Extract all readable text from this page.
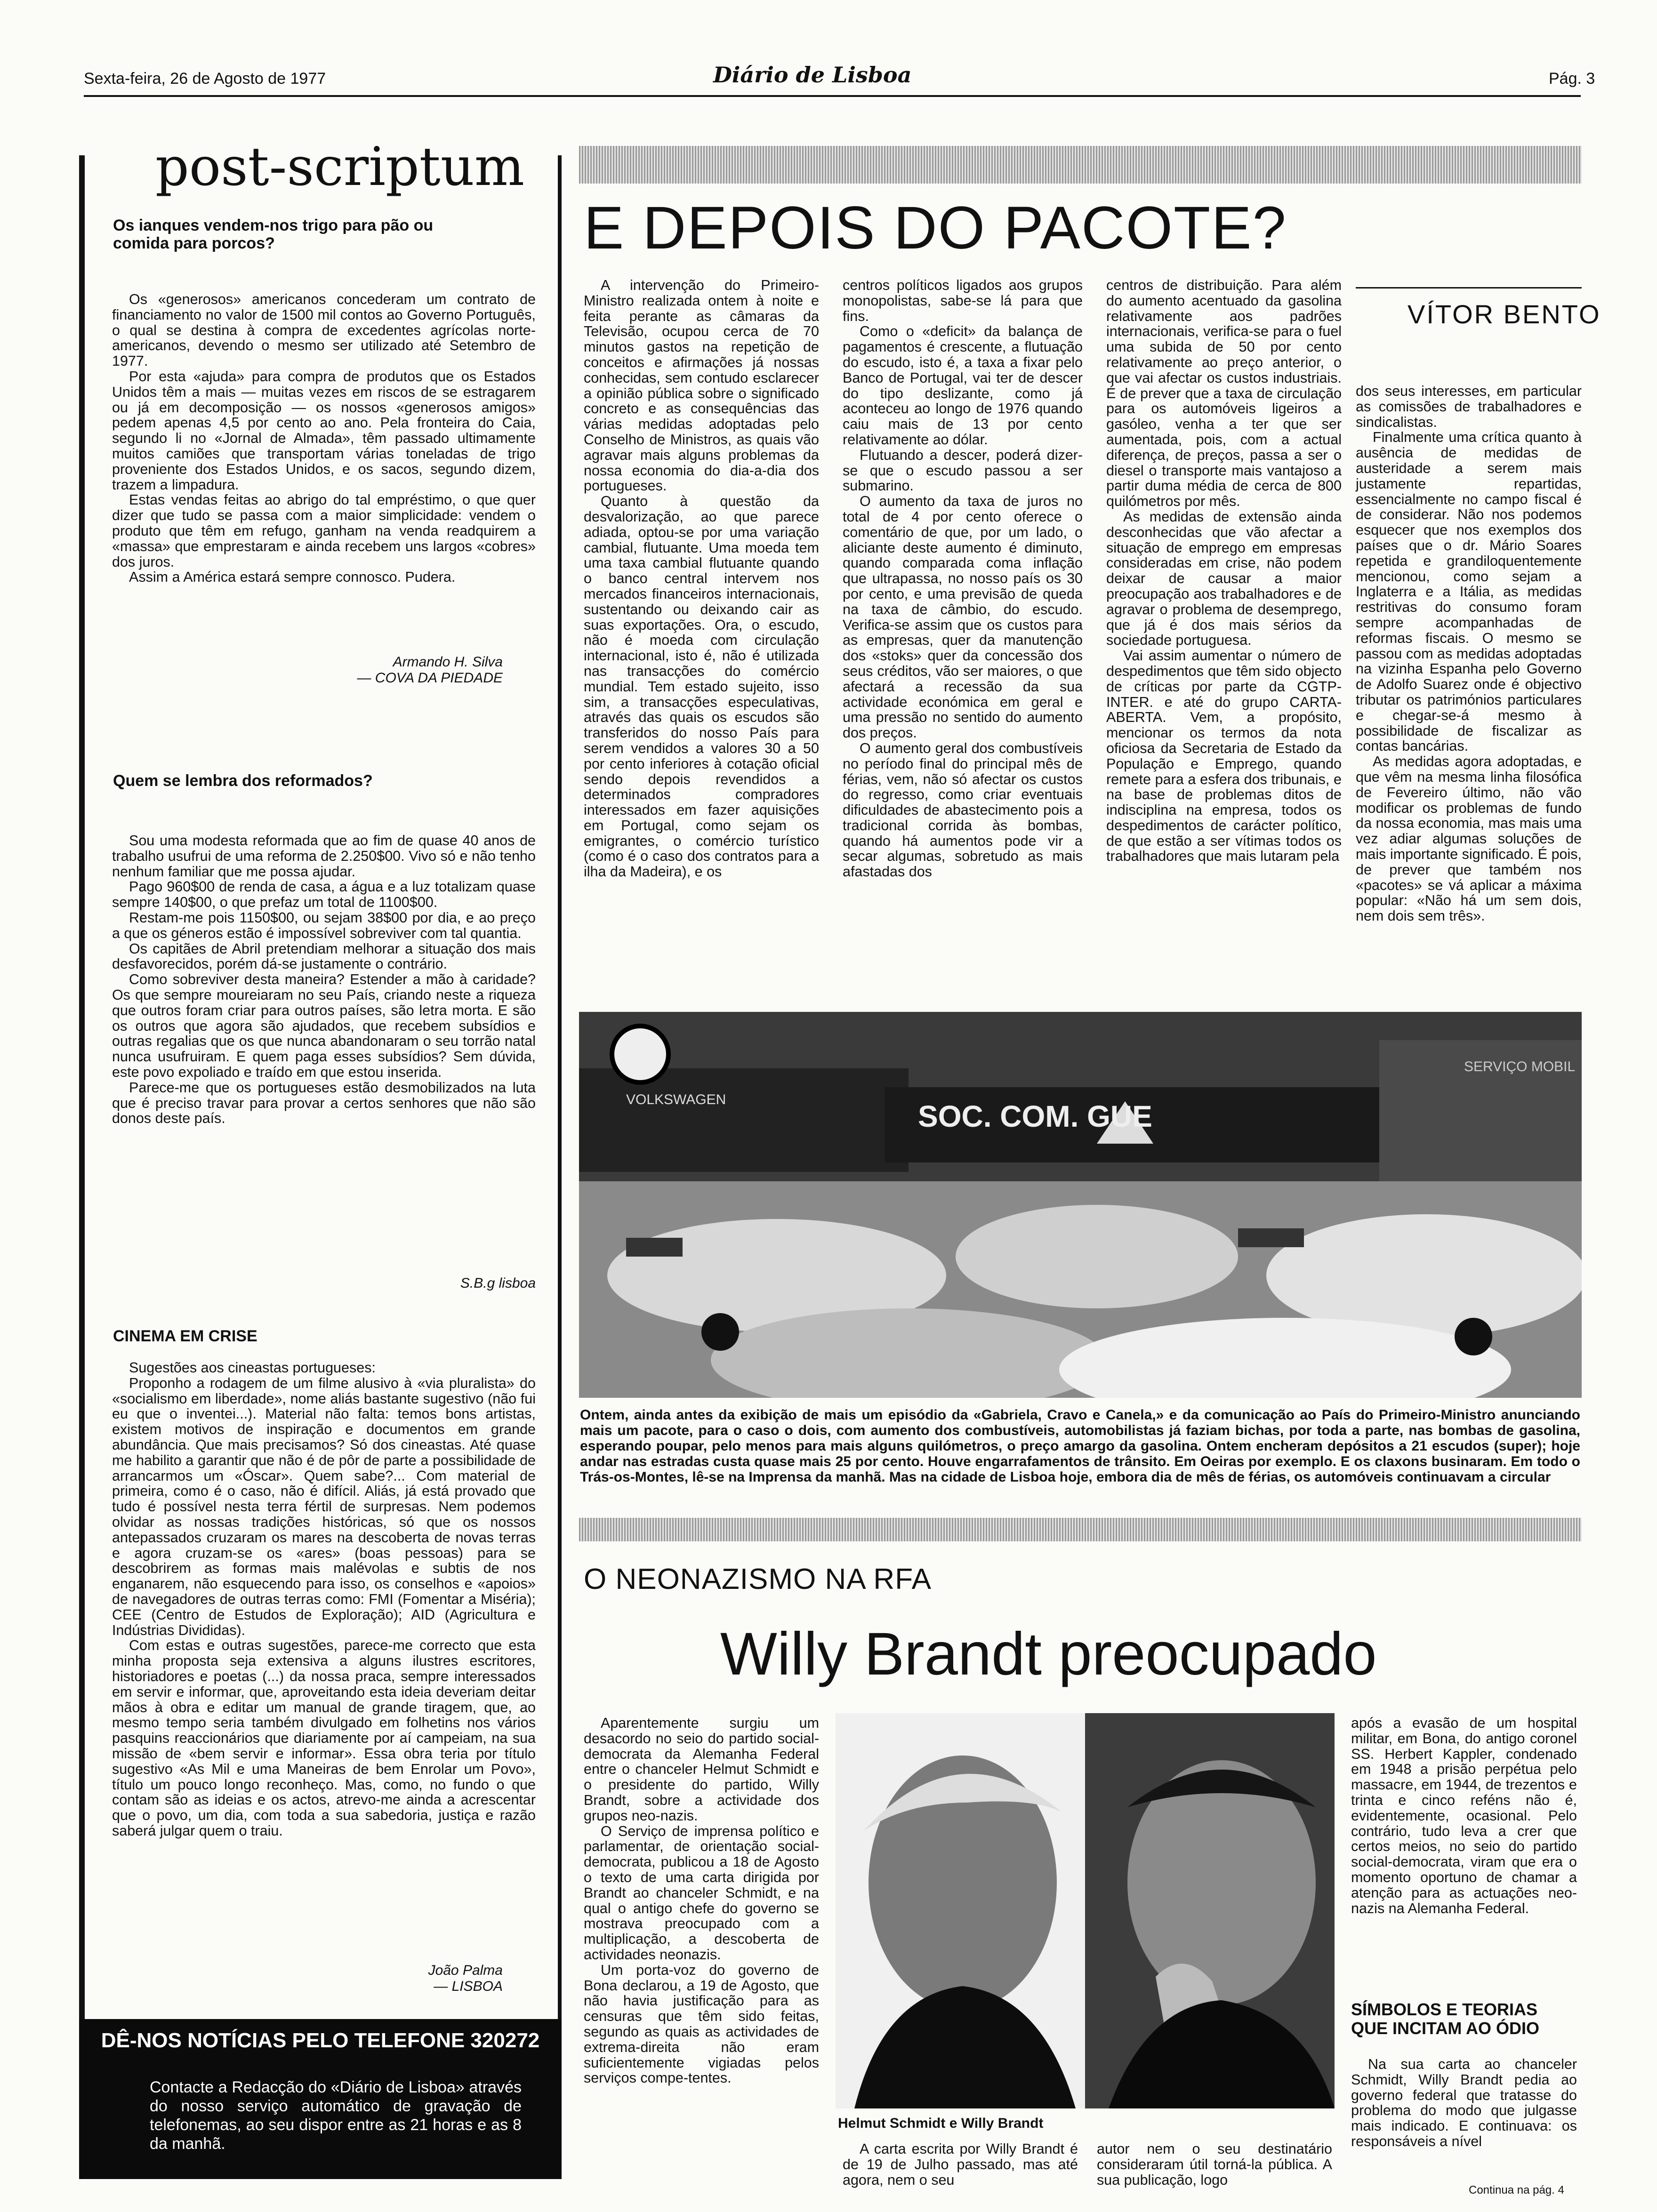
Sexta-feira, 26 de Agosto de 1977	Diário de Lisboa	Pág. 3
post-scriptum
Os ianques vendem-nos trigo para pão ou comida para porcos?

Os «generosos» americanos concederam um contrato de financiamento no valor de 1500 mil contos ao Governo Português, o qual se destina à compra de excedentes agrícolas norte-americanos, devendo o mesmo ser utilizado até Setembro de 1977.

Por esta «ajuda» para compra de produtos que os Estados Unidos têm a mais — muitas vezes em riscos de se estragarem ou já em decomposição — os nossos «generosos amigos» pedem apenas 4,5 por cento ao ano. Pela fronteira do Caia, segundo li no «Jornal de Almada», têm passado ultimamente muitos camiões que transportam várias toneladas de trigo proveniente dos Estados Unidos, e os sacos, segundo dizem, trazem a limpadura.

Estas vendas feitas ao abrigo do tal empréstimo, o que quer dizer que tudo se passa com a maior simplicidade: vendem o produto que têm em refugo, ganham na venda readquirem a «massa» que emprestaram e ainda recebem uns largos «cobres» dos juros.

Assim a América estará sempre connosco. Pudera.

Armando H. Silva
— COVA DA PIEDADE
Quem se lembra dos reformados?

Sou uma modesta reformada que ao fim de quase 40 anos de trabalho usufrui de uma reforma de 2.250$00. Vivo só e não tenho nenhum familiar que me possa ajudar.

Pago 960$00 de renda de casa, a água e a luz totalizam quase sempre 140$00, o que prefaz um total de 1100$00.

Restam-me pois 1150$00, ou sejam 38$00 por dia, e ao preço a que os géneros estão é impossível sobreviver com tal quantia.

Os capitães de Abril pretendiam melhorar a situação dos mais desfavorecidos, porém dá-se justamente o contrário.

Como sobreviver desta maneira? Estender a mão à caridade? Os que sempre moureiaram no seu País, criando neste a riqueza que outros foram criar para outros países, são letra morta. E são os outros que agora são ajudados, que recebem subsídios e outras regalias que os que nunca abandonaram o seu torrão natal nunca usufruiram. E quem paga esses subsídios? Sem dúvida, este povo expoliado e traído em que estou inserida.

Parece-me que os portugueses estão desmobilizados na luta que é preciso travar para provar a certos senhores que não são donos deste país.

S.B.g lisboa
CINEMA EM CRISE

Sugestões aos cineastas portugueses:

Proponho a rodagem de um filme alusivo à «via pluralista» do «socialismo em liberdade», nome aliás bastante sugestivo (não fui eu que o inventei...). Material não falta: temos bons artistas, existem motivos de inspiração e documentos em grande abundância. Que mais precisamos? Só dos cineastas. Até quase me habilito a garantir que não é de pôr de parte a possibilidade de arrancarmos um «Óscar». Quem sabe?... Com material de primeira, como é o caso, não é difícil. Aliás, já está provado que tudo é possível nesta terra fértil de surpresas. Nem podemos olvidar as nossas tradições históricas, só que os nossos antepassados cruzaram os mares na descoberta de novas terras e agora cruzam-se os «ares» (boas pessoas) para se descobrirem as formas mais malévolas e subtis de nos enganarem, não esquecendo para isso, os conselhos e «apoios» de navegadores de outras terras como: FMI (Fomentar a Miséria); CEE (Centro de Estudos de Exploração); AID (Agricultura e Indústrias Divididas).

Com estas e outras sugestões, parece-me correcto que esta minha proposta seja extensiva a alguns ilustres escritores, historiadores e poetas (...) da nossa praca, sempre interessados em servir e informar, que, aproveitando esta ideia deveriam deitar mãos à obra e editar um manual de grande tiragem, que, ao mesmo tempo seria também divulgado em folhetins nos vários pasquins reaccionários que diariamente por aí campeiam, na sua missão de «bem servir e informar». Essa obra teria por título sugestivo «As Mil e uma Maneiras de bem Enrolar um Povo», título um pouco longo reconheço. Mas, como, no fundo o que contam são as ideias e os actos, atrevo-me ainda a acrescentar que o povo, um dia, com toda a sua sabedoria, justiça e razão saberá julgar quem o traiu.

João Palma
— LISBOA
DÊ-NOS NOTÍCIAS PELO TELEFONE 320272
Contacte a Redacção do «Diário de Lisboa» através do nosso serviço automático de gravação de telefonemas, ao seu dispor entre as 21 horas e as 8 da manhã.
E DEPOIS DO PACOTE?
VÍTOR BENTO

A intervenção do Primeiro-Ministro realizada ontem à noite e feita perante as câmaras da Televisão, ocupou cerca de 70 minutos gastos na repetição de conceitos e afirmações já nossas conhecidas, sem contudo esclarecer a opinião pública sobre o significado concreto e as consequências das várias medidas adoptadas pelo Conselho de Ministros, as quais vão agravar mais alguns problemas da nossa economia do dia-a-dia dos portugueses.

Quanto à questão da desvalorização, ao que parece adiada, optou-se por uma variação cambial, flutuante. Uma moeda tem uma taxa cambial flutuante quando o banco central intervem nos mercados financeiros internacionais, sustentando ou deixando cair as suas exportações. Ora, o escudo, não é moeda com circulação internacional, isto é, não é utilizada nas transacções do comércio mundial. Tem estado sujeito, isso sim, a transacções especulativas, através das quais os escudos são transferidos do nosso País para serem vendidos a valores 30 a 50 por cento inferiores à cotação oficial sendo depois revendidos a determinados compradores interessados em fazer aquisições em Portugal, como sejam os emigrantes, o comércio turístico (como é o caso dos contratos para a ilha da Madeira), e os

centros políticos ligados aos grupos monopolistas, sabe-se lá para que fins.

Como o «deficit» da balança de pagamentos é crescente, a flutuação do escudo, isto é, a taxa a fixar pelo Banco de Portugal, vai ter de descer do tipo deslizante, como já aconteceu ao longo de 1976 quando caiu mais de 13 por cento relativamente ao dólar.

Flutuando a descer, poderá dizer-se que o escudo passou a ser submarino.

O aumento da taxa de juros no total de 4 por cento oferece o comentário de que, por um lado, o aliciante deste aumento é diminuto, quando comparada coma inflação que ultrapassa, no nosso país os 30 por cento, e uma previsão de queda na taxa de câmbio, do escudo. Verifica-se assim que os custos para as empresas, quer da manutenção dos «stoks» quer da concessão dos seus créditos, vão ser maiores, o que afectará a recessão da sua actividade económica em geral e uma pressão no sentido do aumento dos preços.

O aumento geral dos combustíveis no período final do principal mês de férias, vem, não só afectar os custos do regresso, como criar eventuais dificuldades de abastecimento pois a tradicional corrida às bombas, quando há aumentos pode vir a secar algumas, sobretudo as mais afastadas dos

centros de distribuição. Para além do aumento acentuado da gasolina relativamente aos padrões internacionais, verifica-se para o fuel uma subida de 50 por cento relativamente ao preço anterior, o que vai afectar os custos industriais. É de prever que a taxa de circulação para os automóveis ligeiros a gasóleo, venha a ter que ser aumentada, pois, com a actual diferença, de preços, passa a ser o diesel o transporte mais vantajoso a partir duma média de cerca de 800 quilómetros por mês.

As medidas de extensão ainda desconhecidas que vão afectar a situação de emprego em empresas consideradas em crise, não podem deixar de causar a maior preocupação aos trabalhadores e de agravar o problema de desemprego, que já é dos mais sérios da sociedade portuguesa.

Vai assim aumentar o número de despedimentos que têm sido objecto de críticas por parte da CGTP-INTER. e até do grupo CARTA-ABERTA. Vem, a propósito, mencionar os termos da nota oficiosa da Secretaria de Estado da População e Emprego, quando remete para a esfera dos tribunais, e na base de problemas ditos de indisciplina na empresa, todos os despedimentos de carácter político, de que estão a ser vítimas todos os trabalhadores que mais lutaram pela

dos seus interesses, em particular as comissões de trabalhadores e sindicalistas.

Finalmente uma crítica quanto à ausência de medidas de austeridade a serem mais justamente repartidas, essencialmente no campo fiscal é de considerar. Não nos podemos esquecer que nos exemplos dos países que o dr. Mário Soares repetida e grandiloquentemente mencionou, como sejam a Inglaterra e a Itália, as medidas restritivas do consumo foram sempre acompanhadas de reformas fiscais. O mesmo se passou com as medidas adoptadas na vizinha Espanha pelo Governo de Adolfo Suarez onde é objectivo tributar os patrimónios particulares e chegar-se-á mesmo à possibilidade de fiscalizar as contas bancárias.

As medidas agora adoptadas, e que vêm na mesma linha filosófica de Fevereiro último, não vão modificar os problemas de fundo da nossa economia, mas mais uma vez adiar algumas soluções de mais importante significado. É pois, de prever que também nos «pacotes» se vá aplicar a máxima popular: «Não há um sem dois, nem dois sem três».

SOC. COM. GUE
VOLKSWAGEN
SERVIÇO MOBIL
Ontem, ainda antes da exibição de mais um episódio da «Gabriela, Cravo e Canela,» e da comunicação ao País do Primeiro-Ministro anunciando mais um pacote, para o caso o dois, com aumento dos combustíveis, automobilistas já faziam bichas, por toda a parte, nas bombas de gasolina, esperando poupar, pelo menos para mais alguns quilómetros, o preço amargo da gasolina. Ontem encheram depósitos a 21 escudos (super); hoje andar nas estradas custa quase mais 25 por cento. Houve engarrafamentos de trânsito. Em Oeiras por exemplo. E os claxons businaram. Em todo o Trás-os-Montes, lê-se na Imprensa da manhã. Mas na cidade de Lisboa hoje, embora dia de mês de férias, os automóveis continuavam a circular
O NEONAZISMO NA RFA
Willy Brandt preocupado

Aparentemente surgiu um desacordo no seio do partido social-democrata da Alemanha Federal entre o chanceler Helmut Schmidt e o presidente do partido, Willy Brandt, sobre a actividade dos grupos neo-nazis.

O Serviço de imprensa político e parlamentar, de orientação social-democrata, publicou a 18 de Agosto o texto de uma carta dirigida por Brandt ao chanceler Schmidt, e na qual o antigo chefe do governo se mostrava preocupado com a multiplicação, a descoberta de actividades neonazis.

Um porta-voz do governo de Bona declarou, a 19 de Agosto, que não havia justificação para as censuras que têm sido feitas, segundo as quais as actividades de extrema-direita não eram suficientemente vigiadas pelos serviços compe-tentes.

Helmut Schmidt e Willy Brandt

A carta escrita por Willy Brandt é de 19 de Julho passado, mas até agora, nem o seu

autor nem o seu destinatário consideraram útil torná-la pública. A sua publicação, logo

após a evasão de um hospital militar, em Bona, do antigo coronel SS. Herbert Kappler, condenado em 1948 a prisão perpétua pelo massacre, em 1944, de trezentos e trinta e cinco reféns não é, evidentemente, ocasional. Pelo contrário, tudo leva a crer que certos meios, no seio do partido social-democrata, viram que era o momento oportuno de chamar a atenção para as actuações neo-nazis na Alemanha Federal.

SÍMBOLOS E TEORIAS QUE INCITAM AO ÓDIO

Na sua carta ao chanceler Schmidt, Willy Brandt pedia ao governo federal que tratasse do problema do modo que julgasse mais indicado. E continuava: os responsáveis a nível

Continua na pág. 4
